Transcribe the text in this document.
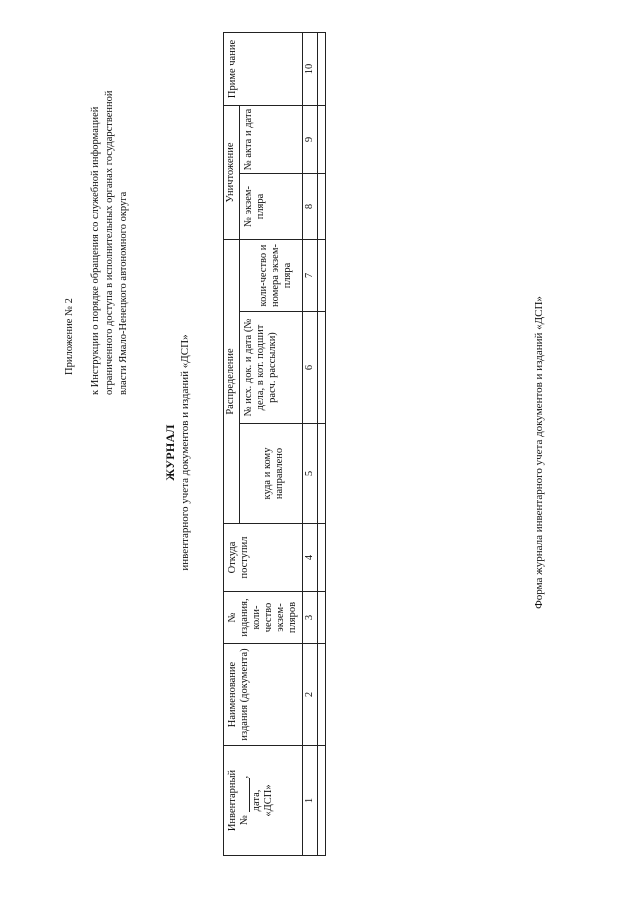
Приложение № 2 к Инструкции о порядке обращения со служебной информацией ограниченного доступа в исполнительных органах государственной власти Ямало-Ненецкого автономного округа
ЖУРНАЛ инвентарного учета документов и изданий «ДСП»
Инвентарный № ,
дата, «ДСП»	Наименование издания (документа)	№ издания, коли-чество экзем-пляров	Откуда поступил	Распределение			Уничтожение		Приме чание
				куда и кому направлено	№ исх. док. и дата (№ дела, в кот. подшит расч. рассылки)	коли-чество и номера экзем-пляра	№ экзем-пляра	№ акта и дата	
1	2	3	4	5	6	7	8	9	10

Форма журнала инвентарного учета документов и изданий «ДСП»
